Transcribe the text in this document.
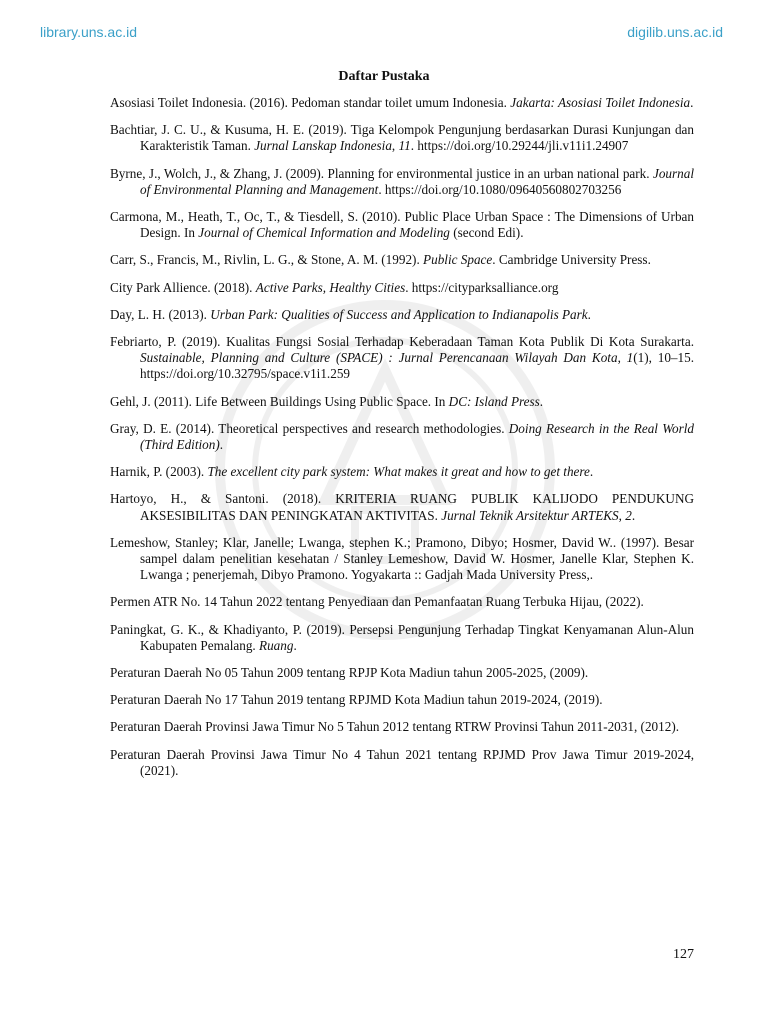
library.uns.ac.id	digilib.uns.ac.id
Daftar Pustaka
Asosiasi Toilet Indonesia. (2016). Pedoman standar toilet umum Indonesia. Jakarta: Asosiasi Toilet Indonesia.
Bachtiar, J. C. U., & Kusuma, H. E. (2019). Tiga Kelompok Pengunjung berdasarkan Durasi Kunjungan dan Karakteristik Taman. Jurnal Lanskap Indonesia, 11. https://doi.org/10.29244/jli.v11i1.24907
Byrne, J., Wolch, J., & Zhang, J. (2009). Planning for environmental justice in an urban national park. Journal of Environmental Planning and Management. https://doi.org/10.1080/09640560802703256
Carmona, M., Heath, T., Oc, T., & Tiesdell, S. (2010). Public Place Urban Space : The Dimensions of Urban Design. In Journal of Chemical Information and Modeling (second Edi).
Carr, S., Francis, M., Rivlin, L. G., & Stone, A. M. (1992). Public Space. Cambridge University Press.
City Park Allience. (2018). Active Parks, Healthy Cities. https://cityparksalliance.org
Day, L. H. (2013). Urban Park: Qualities of Success and Application to Indianapolis Park.
Febriarto, P. (2019). Kualitas Fungsi Sosial Terhadap Keberadaan Taman Kota Publik Di Kota Surakarta. Sustainable, Planning and Culture (SPACE) : Jurnal Perencanaan Wilayah Dan Kota, 1(1), 10–15. https://doi.org/10.32795/space.v1i1.259
Gehl, J. (2011). Life Between Buildings Using Public Space. In DC: Island Press.
Gray, D. E. (2014). Theoretical perspectives and research methodologies. Doing Research in the Real World (Third Edition).
Harnik, P. (2003). The excellent city park system: What makes it great and how to get there.
Hartoyo, H., & Santoni. (2018). KRITERIA RUANG PUBLIK KALIJODO PENDUKUNG AKSESIBILITAS DAN PENINGKATAN AKTIVITAS. Jurnal Teknik Arsitektur ARTEKS, 2.
Lemeshow, Stanley; Klar, Janelle; Lwanga, stephen K.; Pramono, Dibyo; Hosmer, David W.. (1997). Besar sampel dalam penelitian kesehatan / Stanley Lemeshow, David W. Hosmer, Janelle Klar, Stephen K. Lwanga ; penerjemah, Dibyo Pramono. Yogyakarta :: Gadjah Mada University Press,.
Permen ATR No. 14 Tahun 2022 tentang Penyediaan dan Pemanfaatan Ruang Terbuka Hijau, (2022).
Paningkat, G. K., & Khadiyanto, P. (2019). Persepsi Pengunjung Terhadap Tingkat Kenyamanan Alun-Alun Kabupaten Pemalang. Ruang.
Peraturan Daerah No 05 Tahun 2009 tentang RPJP Kota Madiun tahun 2005-2025, (2009).
Peraturan Daerah No 17 Tahun 2019 tentang RPJMD Kota Madiun tahun 2019-2024, (2019).
Peraturan Daerah Provinsi Jawa Timur No 5 Tahun 2012 tentang RTRW Provinsi Tahun 2011-2031, (2012).
Peraturan Daerah Provinsi Jawa Timur No 4 Tahun 2021 tentang RPJMD Prov Jawa Timur 2019-2024, (2021).
127
